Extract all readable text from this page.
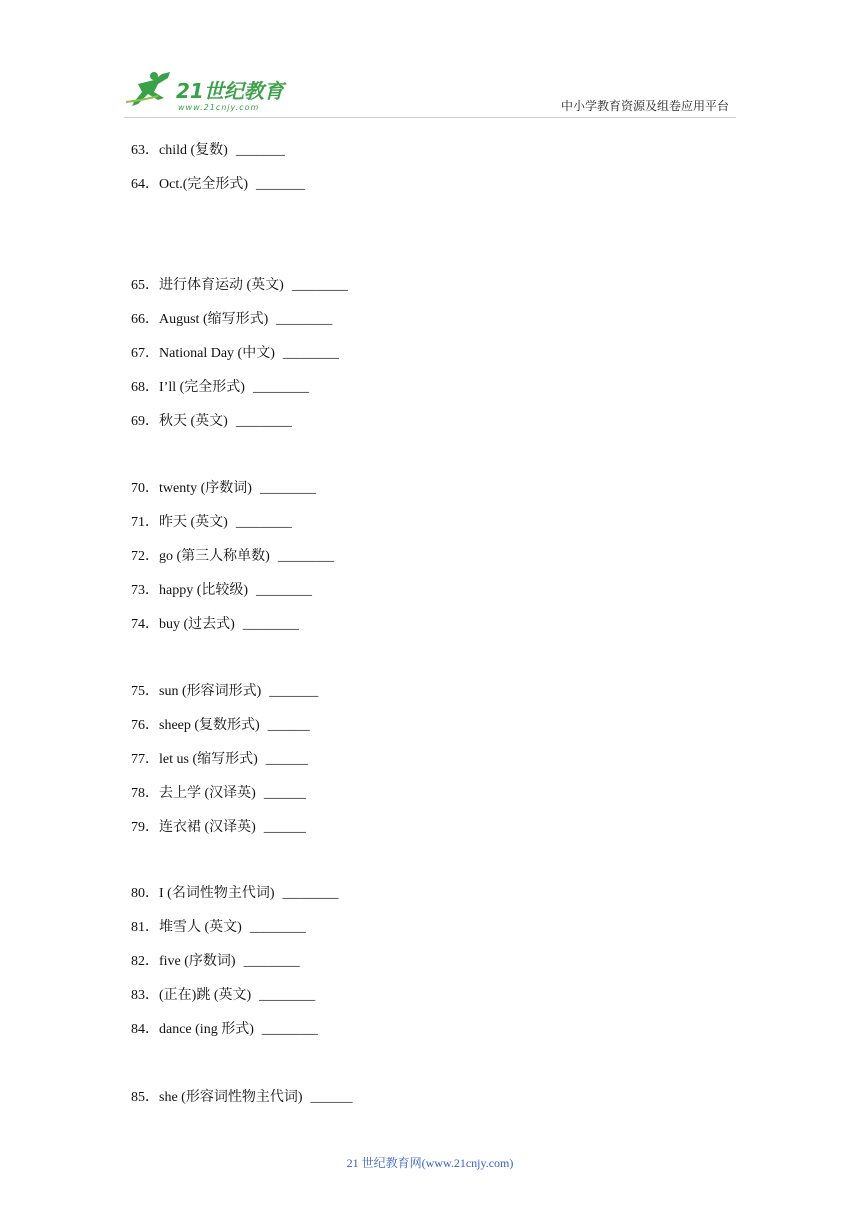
21世纪教育
www.21cnjy.com	中小学教育资源及组卷应用平台
63．child (复数) _______
64．Oct.(完全形式) _______
65．进行体育运动 (英文) ________
66．August (缩写形式) ________
67．National Day (中文) ________
68．I’ll (完全形式) ________
69．秋天 (英文) ________
70．twenty (序数词) ________
71．昨天 (英文) ________
72．go (第三人称单数) ________
73．happy (比较级) ________
74．buy (过去式) ________
75．sun (形容词形式) _______
76．sheep (复数形式) ______
77．let us (缩写形式) ______
78．去上学 (汉译英) ______
79．连衣裙 (汉译英) ______
80．I (名词性物主代词) ________
81．堆雪人 (英文) ________
82．five (序数词) ________
83．(正在)跳 (英文) ________
84．dance (ing 形式) ________
85．she (形容词性物主代词) ______
21 世纪教育网(www.21cnjy.com)
